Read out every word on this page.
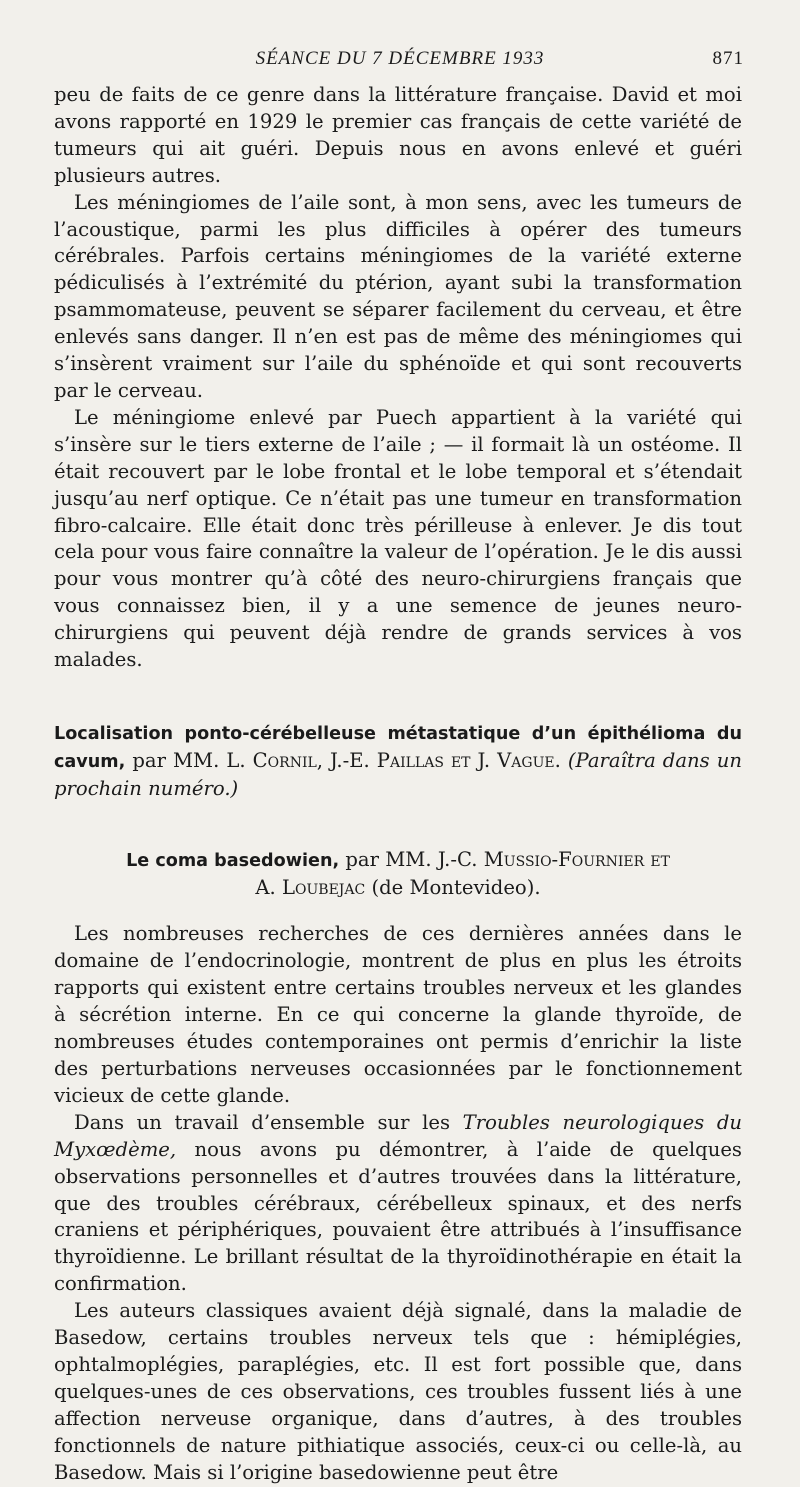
SÉANCE DU 7 DÉCEMBRE 1933	871

peu de faits de ce genre dans la littérature française. David et moi avons rapporté en 1929 le premier cas français de cette variété de tumeurs qui ait guéri. Depuis nous en avons enlevé et guéri plusieurs autres.

Les méningiomes de l’aile sont, à mon sens, avec les tumeurs de l’acoustique, parmi les plus difficiles à opérer des tumeurs cérébrales. Parfois certains méningiomes de la variété externe pédiculisés à l’extrémité du ptérion, ayant subi la transformation psammomateuse, peuvent se séparer facilement du cerveau, et être enlevés sans danger. Il n’en est pas de même des méningiomes qui s’insèrent vraiment sur l’aile du sphénoïde et qui sont recouverts par le cerveau.

Le méningiome enlevé par Puech appartient à la variété qui s’insère sur le tiers externe de l’aile ; — il formait là un ostéome. Il était recouvert par le lobe frontal et le lobe temporal et s’étendait jusqu’au nerf optique. Ce n’était pas une tumeur en transformation fibro-calcaire. Elle était donc très périlleuse à enlever. Je dis tout cela pour vous faire connaître la valeur de l’opération. Je le dis aussi pour vous montrer qu’à côté des neuro-chirurgiens français que vous connaissez bien, il y a une semence de jeunes neuro-chirurgiens qui peuvent déjà rendre de grands services à vos malades.

Localisation ponto-cérébelleuse métastatique d’un épithélioma du cavum, par MM. L. Cornil, J.-E. Paillas et J. Vague. (Paraîtra dans un prochain numéro.)

Le coma basedowien, par MM. J.-C. Mussio-Fournier et
A. Loubejac (de Montevideo).

Les nombreuses recherches de ces dernières années dans le domaine de l’endocrinologie, montrent de plus en plus les étroits rapports qui existent entre certains troubles nerveux et les glandes à sécrétion interne. En ce qui concerne la glande thyroïde, de nombreuses études contemporaines ont permis d’enrichir la liste des perturbations nerveuses occasionnées par le fonctionnement vicieux de cette glande.

Dans un travail d’ensemble sur les Troubles neurologiques du Myxœdème, nous avons pu démontrer, à l’aide de quelques observations personnelles et d’autres trouvées dans la littérature, que des troubles cérébraux, cérébelleux spinaux, et des nerfs craniens et périphériques, pouvaient être attribués à l’insuffisance thyroïdienne. Le brillant résultat de la thyroïdinothérapie en était la confirmation.

Les auteurs classiques avaient déjà signalé, dans la maladie de Basedow, certains troubles nerveux tels que : hémiplégies, ophtalmoplégies, paraplégies, etc. Il est fort possible que, dans quelques-unes de ces observations, ces troubles fussent liés à une affection nerveuse organique, dans d’autres, à des troubles fonctionnels de nature pithiatique associés, ceux-ci ou celle-là, au Basedow. Mais si l’origine basedowienne peut être
